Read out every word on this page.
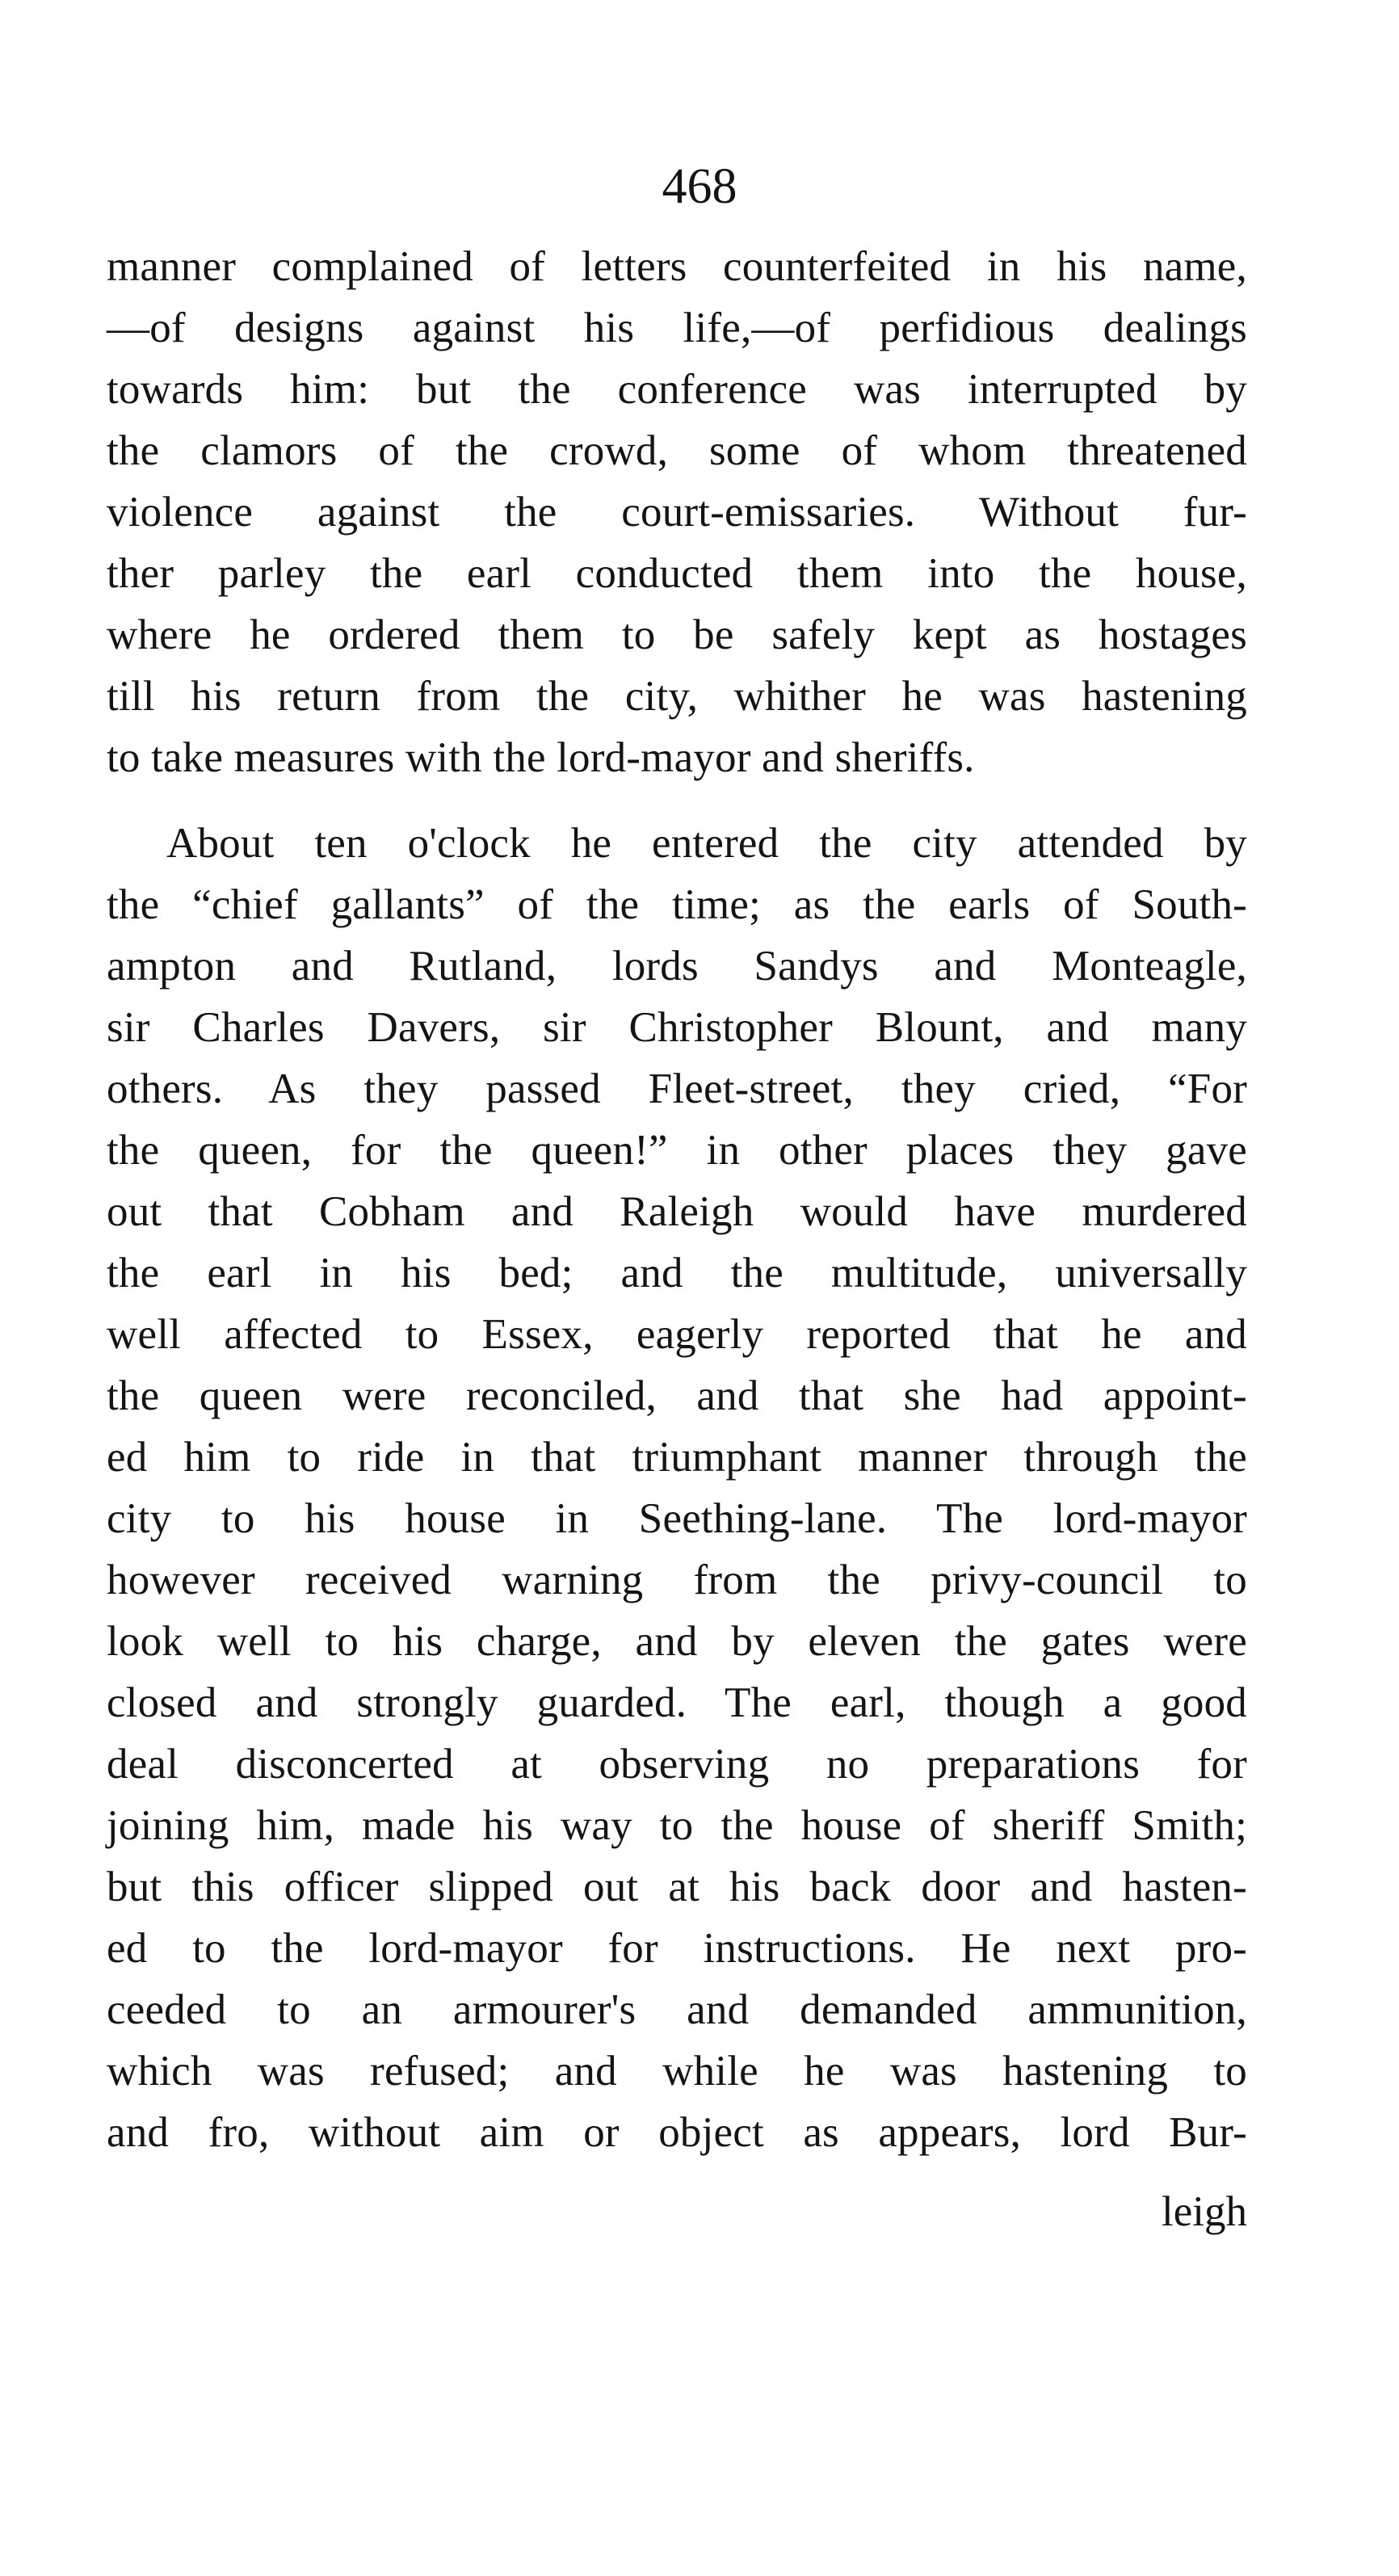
468
manner complained of letters counterfeited in his name,
—of designs against his life,—of perfidious dealings
towards him: but the conference was interrupted by
the clamors of the crowd, some of whom threatened
violence against the court-emissaries. Without fur-
ther parley the earl conducted them into the house,
where he ordered them to be safely kept as hostages
till his return from the city, whither he was hastening
to take measures with the lord-mayor and sheriffs.
About ten o'clock he entered the city attended by
the “chief gallants” of the time; as the earls of South-
ampton and Rutland, lords Sandys and Monteagle,
sir Charles Davers, sir Christopher Blount, and many
others. As they passed Fleet-street, they cried, “For
the queen, for the queen!” in other places they gave
out that Cobham and Raleigh would have murdered
the earl in his bed; and the multitude, universally
well affected to Essex, eagerly reported that he and
the queen were reconciled, and that she had appoint-
ed him to ride in that triumphant manner through the
city to his house in Seething-lane. The lord-mayor
however received warning from the privy-council to
look well to his charge, and by eleven the gates were
closed and strongly guarded. The earl, though a good
deal disconcerted at observing no preparations for
joining him, made his way to the house of sheriff Smith;
but this officer slipped out at his back door and hasten-
ed to the lord-mayor for instructions. He next pro-
ceeded to an armourer's and demanded ammunition,
which was refused; and while he was hastening to
and fro, without aim or object as appears, lord Bur-
leigh
